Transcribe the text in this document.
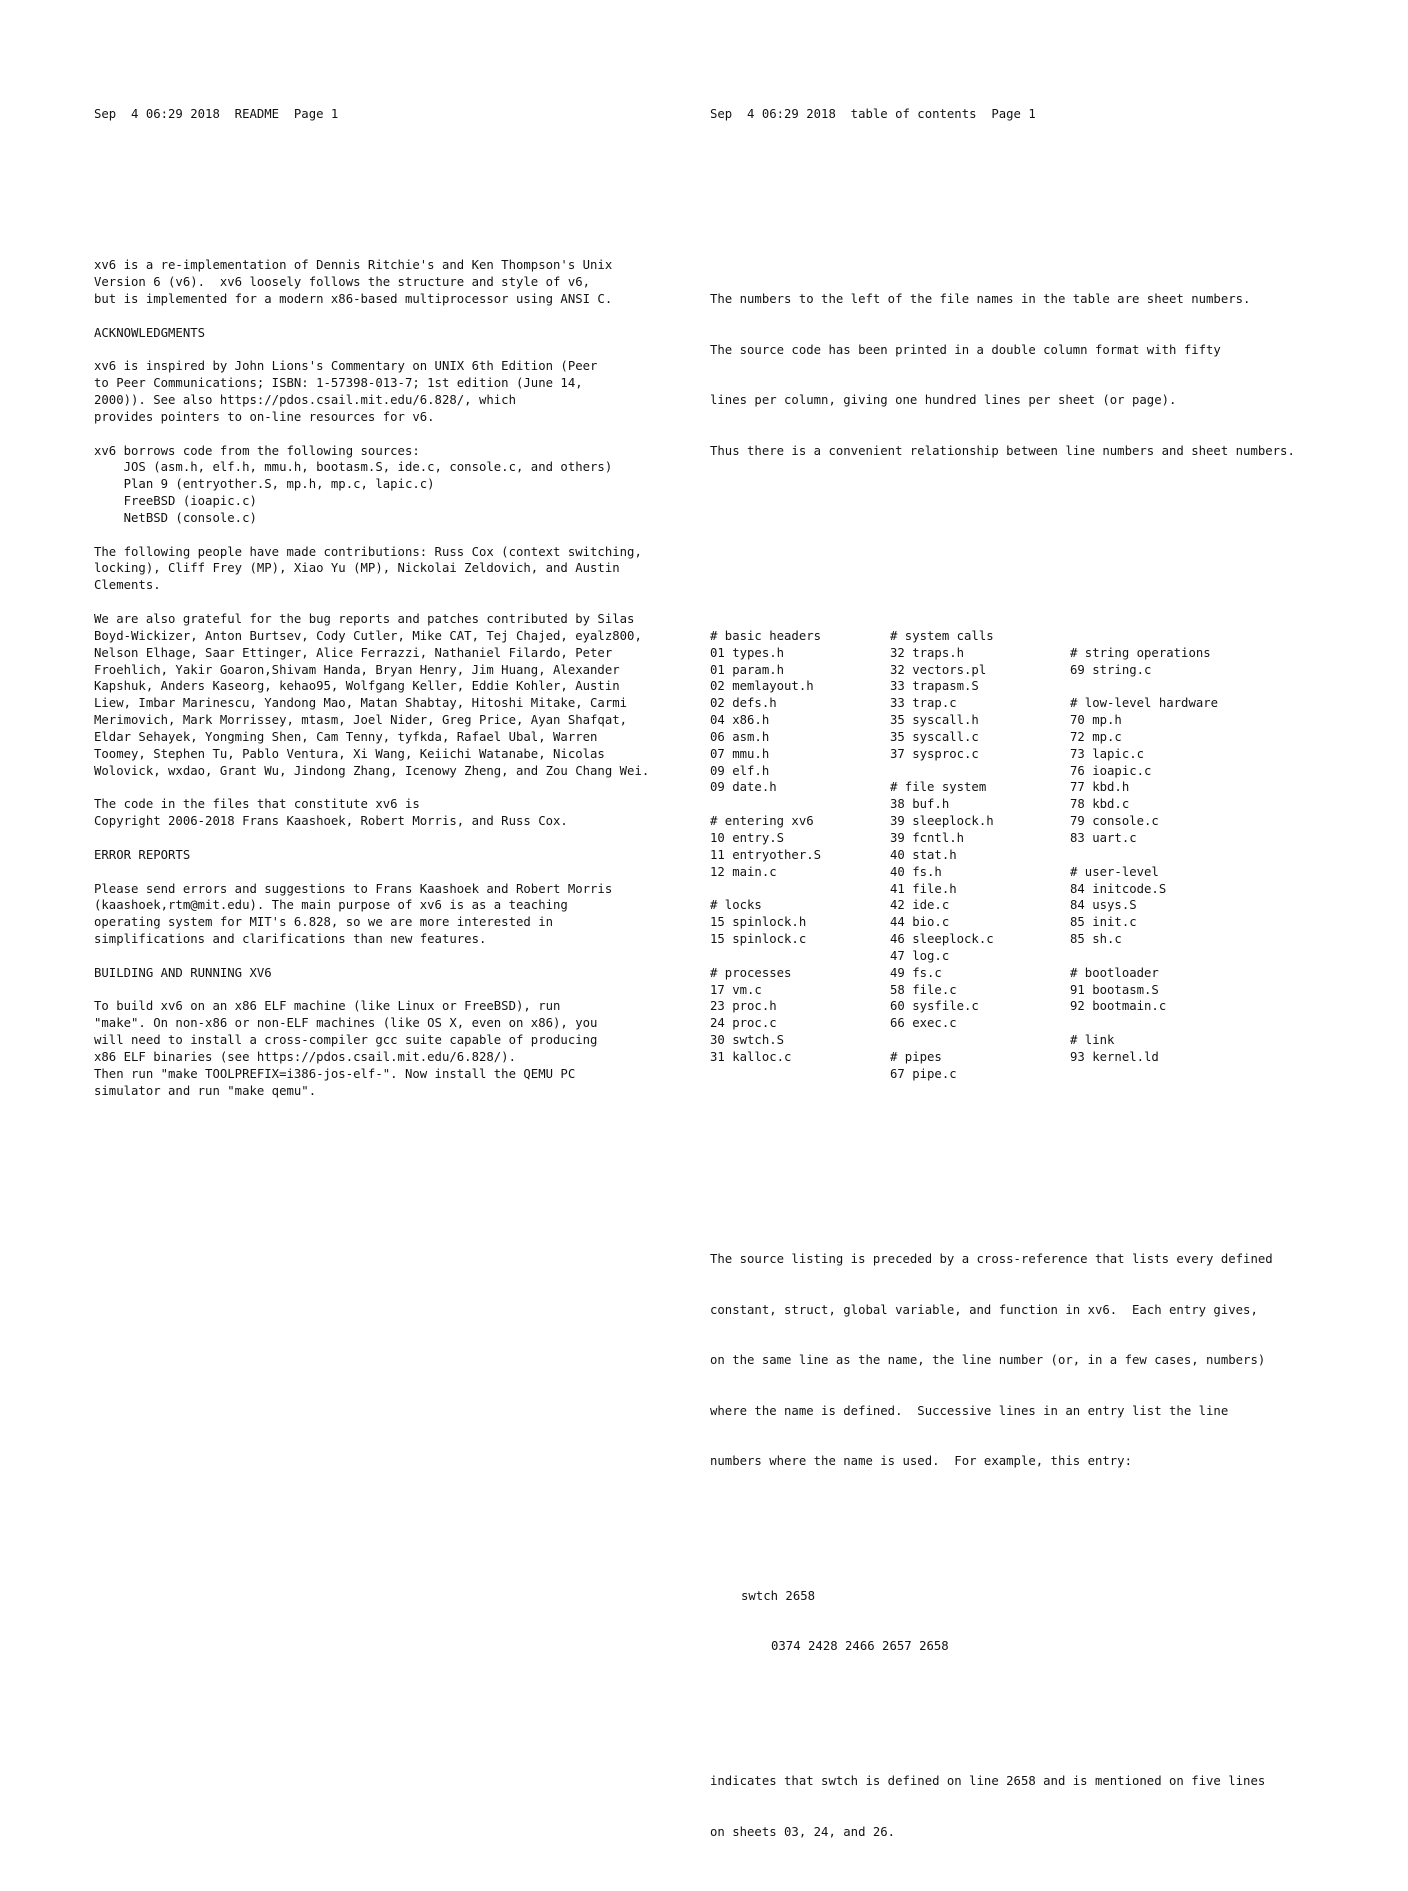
Sep  4 06:29 2018  README  Page 1

xv6 is a re-implementation of Dennis Ritchie's and Ken Thompson's Unix
Version 6 (v6).  xv6 loosely follows the structure and style of v6,
but is implemented for a modern x86-based multiprocessor using ANSI C.
ACKNOWLEDGMENTS
xv6 is inspired by John Lions's Commentary on UNIX 6th Edition (Peer
to Peer Communications; ISBN: 1-57398-013-7; 1st edition (June 14,
2000)). See also https://pdos.csail.mit.edu/6.828/, which
provides pointers to on-line resources for v6.
xv6 borrows code from the following sources:
JOS (asm.h, elf.h, mmu.h, bootasm.S, ide.c, console.c, and others)
Plan 9 (entryother.S, mp.h, mp.c, lapic.c)
FreeBSD (ioapic.c)
NetBSD (console.c)
The following people have made contributions: Russ Cox (context switching,
locking), Cliff Frey (MP), Xiao Yu (MP), Nickolai Zeldovich, and Austin
Clements.
We are also grateful for the bug reports and patches contributed by Silas
Boyd-Wickizer, Anton Burtsev, Cody Cutler, Mike CAT, Tej Chajed, eyalz800,
Nelson Elhage, Saar Ettinger, Alice Ferrazzi, Nathaniel Filardo, Peter
Froehlich, Yakir Goaron,Shivam Handa, Bryan Henry, Jim Huang, Alexander
Kapshuk, Anders Kaseorg, kehao95, Wolfgang Keller, Eddie Kohler, Austin
Liew, Imbar Marinescu, Yandong Mao, Matan Shabtay, Hitoshi Mitake, Carmi
Merimovich, Mark Morrissey, mtasm, Joel Nider, Greg Price, Ayan Shafqat,
Eldar Sehayek, Yongming Shen, Cam Tenny, tyfkda, Rafael Ubal, Warren
Toomey, Stephen Tu, Pablo Ventura, Xi Wang, Keiichi Watanabe, Nicolas
Wolovick, wxdao, Grant Wu, Jindong Zhang, Icenowy Zheng, and Zou Chang Wei.
The code in the files that constitute xv6 is
Copyright 2006-2018 Frans Kaashoek, Robert Morris, and Russ Cox.
ERROR REPORTS
Please send errors and suggestions to Frans Kaashoek and Robert Morris
(kaashoek,rtm@mit.edu). The main purpose of xv6 is as a teaching
operating system for MIT's 6.828, so we are more interested in
simplifications and clarifications than new features.
BUILDING AND RUNNING XV6
To build xv6 on an x86 ELF machine (like Linux or FreeBSD), run
"make". On non-x86 or non-ELF machines (like OS X, even on x86), you
will need to install a cross-compiler gcc suite capable of producing
x86 ELF binaries (see https://pdos.csail.mit.edu/6.828/).
Then run "make TOOLPREFIX=i386-jos-elf-". Now install the QEMU PC
simulator and run "make qemu".

Sep  4 06:29 2018  table of contents  Page 1

The numbers to the left of the file names in the table are sheet numbers.

The source code has been printed in a double column format with fifty

lines per column, giving one hundred lines per sheet (or page).

Thus there is a convenient relationship between line numbers and sheet numbers.

# basic headers
01 types.h
01 param.h
02 memlayout.h
02 defs.h
04 x86.h
06 asm.h
07 mmu.h
09 elf.h
09 date.h
# entering xv6
10 entry.S
11 entryother.S
12 main.c
# locks
15 spinlock.h
15 spinlock.c
# processes
17 vm.c
23 proc.h
24 proc.c
30 swtch.S
31 kalloc.c
# system calls
32 traps.h
32 vectors.pl
33 trapasm.S
33 trap.c
35 syscall.h
35 syscall.c
37 sysproc.c
# file system
38 buf.h
39 sleeplock.h
39 fcntl.h
40 stat.h
40 fs.h
41 file.h
42 ide.c
44 bio.c
46 sleeplock.c
47 log.c
49 fs.c
58 file.c
60 sysfile.c
66 exec.c
# pipes
67 pipe.c
# string operations
69 string.c
# low-level hardware
70 mp.h
72 mp.c
73 lapic.c
76 ioapic.c
77 kbd.h
78 kbd.c
79 console.c
83 uart.c
# user-level
84 initcode.S
84 usys.S
85 init.c
85 sh.c
# bootloader
91 bootasm.S
92 bootmain.c
# link
93 kernel.ld

The source listing is preceded by a cross-reference that lists every defined

constant, struct, global variable, and function in xv6.  Each entry gives,

on the same line as the name, the line number (or, in a few cases, numbers)

where the name is defined.  Successive lines in an entry list the line

numbers where the name is used.  For example, this entry:

swtch 2658

0374 2428 2466 2657 2658

indicates that swtch is defined on line 2658 and is mentioned on five lines

on sheets 03, 24, and 26.
